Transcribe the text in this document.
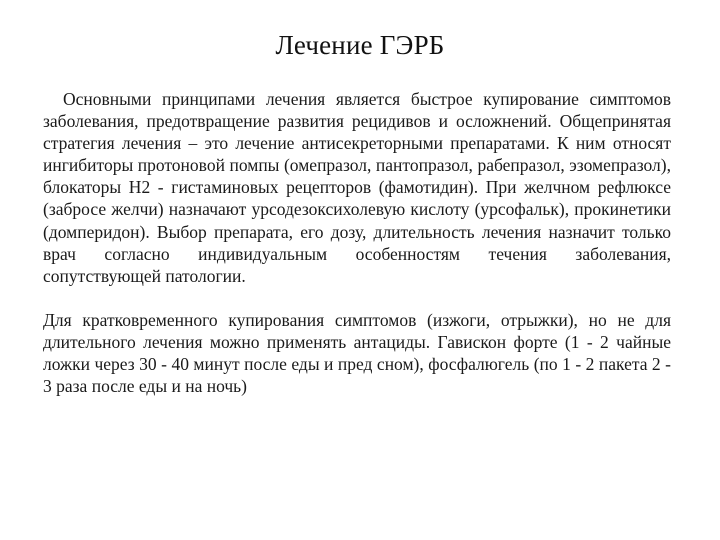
Лечение ГЭРБ

Основными принципами лечения является быстрое купирование симптомов заболевания, предотвращение развития рецидивов и осложнений. Общепринятая стратегия лечения – это лечение антисекреторными препаратами. К ним относят ингибиторы протоновой помпы (омепразол, пантопразол, рабепразол, эзомепразол), блокаторы Н2 - гистаминовых рецепторов (фамотидин). При желчном рефлюксе (забросе желчи) назначают урсодезоксихолевую кислоту (урсофальк), прокинетики (домперидон). Выбор препарата, его дозу, длительность лечения назначит только врач согласно индивидуальным особенностям течения заболевания, сопутствующей патологии.

Для кратковременного купирования симптомов (изжоги, отрыжки), но не для длительного лечения можно применять антациды. Гавискон форте (1 - 2 чайные ложки через 30 - 40 минут после еды и пред сном), фосфалюгель (по 1 - 2 пакета 2 - 3 раза после еды и на ночь)
